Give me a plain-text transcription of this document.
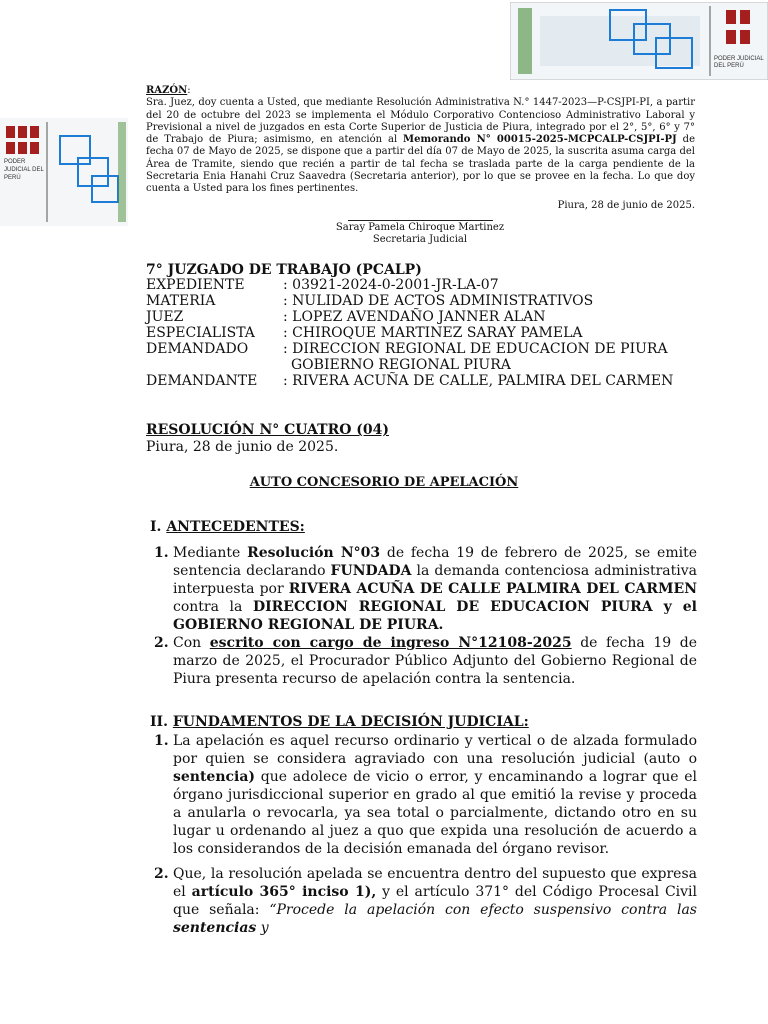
PODER JUDICIAL DEL PERÚ
PODER JUDICIAL DEL PERÚ
RAZÓN:
Sra. Juez, doy cuenta a Usted, que mediante Resolución Administrativa N.° 1447-2023—P-CSJPI-PI, a partir del 20 de octubre del 2023 se implementa el Módulo Corporativo Contencioso Administrativo Laboral y Previsional a nivel de juzgados en esta Corte Superior de Justicia de Piura, integrado por el 2°, 5°, 6° y 7° de Trabajo de Piura; asimismo, en atención al Memorando N° 00015-2025-MCPCALP-CSJPI-PJ de fecha 07 de Mayo de 2025, se dispone que a partir del día 07 de Mayo de 2025, la suscrita asuma carga del Área de Tramite, siendo que recién a partir de tal fecha se traslada parte de la carga pendiente de la Secretaria Enia Hanahi Cruz Saavedra (Secretaria anterior), por lo que se provee en la fecha. Lo que doy cuenta a Usted para los fines pertinentes.
Piura, 28 de junio de 2025.
Saray Pamela Chiroque Martinez
Secretaria Judicial
7° JUZGADO DE TRABAJO (PCALP)
EXPEDIENTE	: 03921-2024-0-2001-JR-LA-07
MATERIA	: NULIDAD DE ACTOS ADMINISTRATIVOS
JUEZ	: LOPEZ AVENDAÑO JANNER ALAN
ESPECIALISTA	: CHIROQUE MARTINEZ SARAY PAMELA
DEMANDADO	: DIRECCION REGIONAL DE EDUCACION DE PIURA
GOBIERNO REGIONAL PIURA
DEMANDANTE	: RIVERA ACUÑA DE CALLE, PALMIRA DEL CARMEN
RESOLUCIÓN N° CUATRO (04)
Piura, 28 de junio de 2025.
AUTO CONCESORIO DE APELACIÓN
I. ANTECEDENTES:
1. Mediante Resolución N°03 de fecha 19 de febrero de 2025, se emite sentencia declarando FUNDADA la demanda contenciosa administrativa interpuesta por RIVERA ACUÑA DE CALLE PALMIRA DEL CARMEN contra la DIRECCION REGIONAL DE EDUCACION PIURA y el GOBIERNO REGIONAL DE PIURA.
2. Con escrito con cargo de ingreso N°12108-2025 de fecha 19 de marzo de 2025, el Procurador Público Adjunto del Gobierno Regional de Piura presenta recurso de apelación contra la sentencia.
II. FUNDAMENTOS DE LA DECISIÓN JUDICIAL:
1. La apelación es aquel recurso ordinario y vertical o de alzada formulado por quien se considera agraviado con una resolución judicial (auto o sentencia) que adolece de vicio o error, y encaminando a lograr que el órgano jurisdiccional superior en grado al que emitió la revise y proceda a anularla o revocarla, ya sea total o parcialmente, dictando otro en su lugar u ordenando al juez a quo que expida una resolución de acuerdo a los considerandos de la decisión emanada del órgano revisor.
2. Que, la resolución apelada se encuentra dentro del supuesto que expresa el artículo 365° inciso 1), y el artículo 371° del Código Procesal Civil que señala: “Procede la apelación con efecto suspensivo contra las sentencias y
